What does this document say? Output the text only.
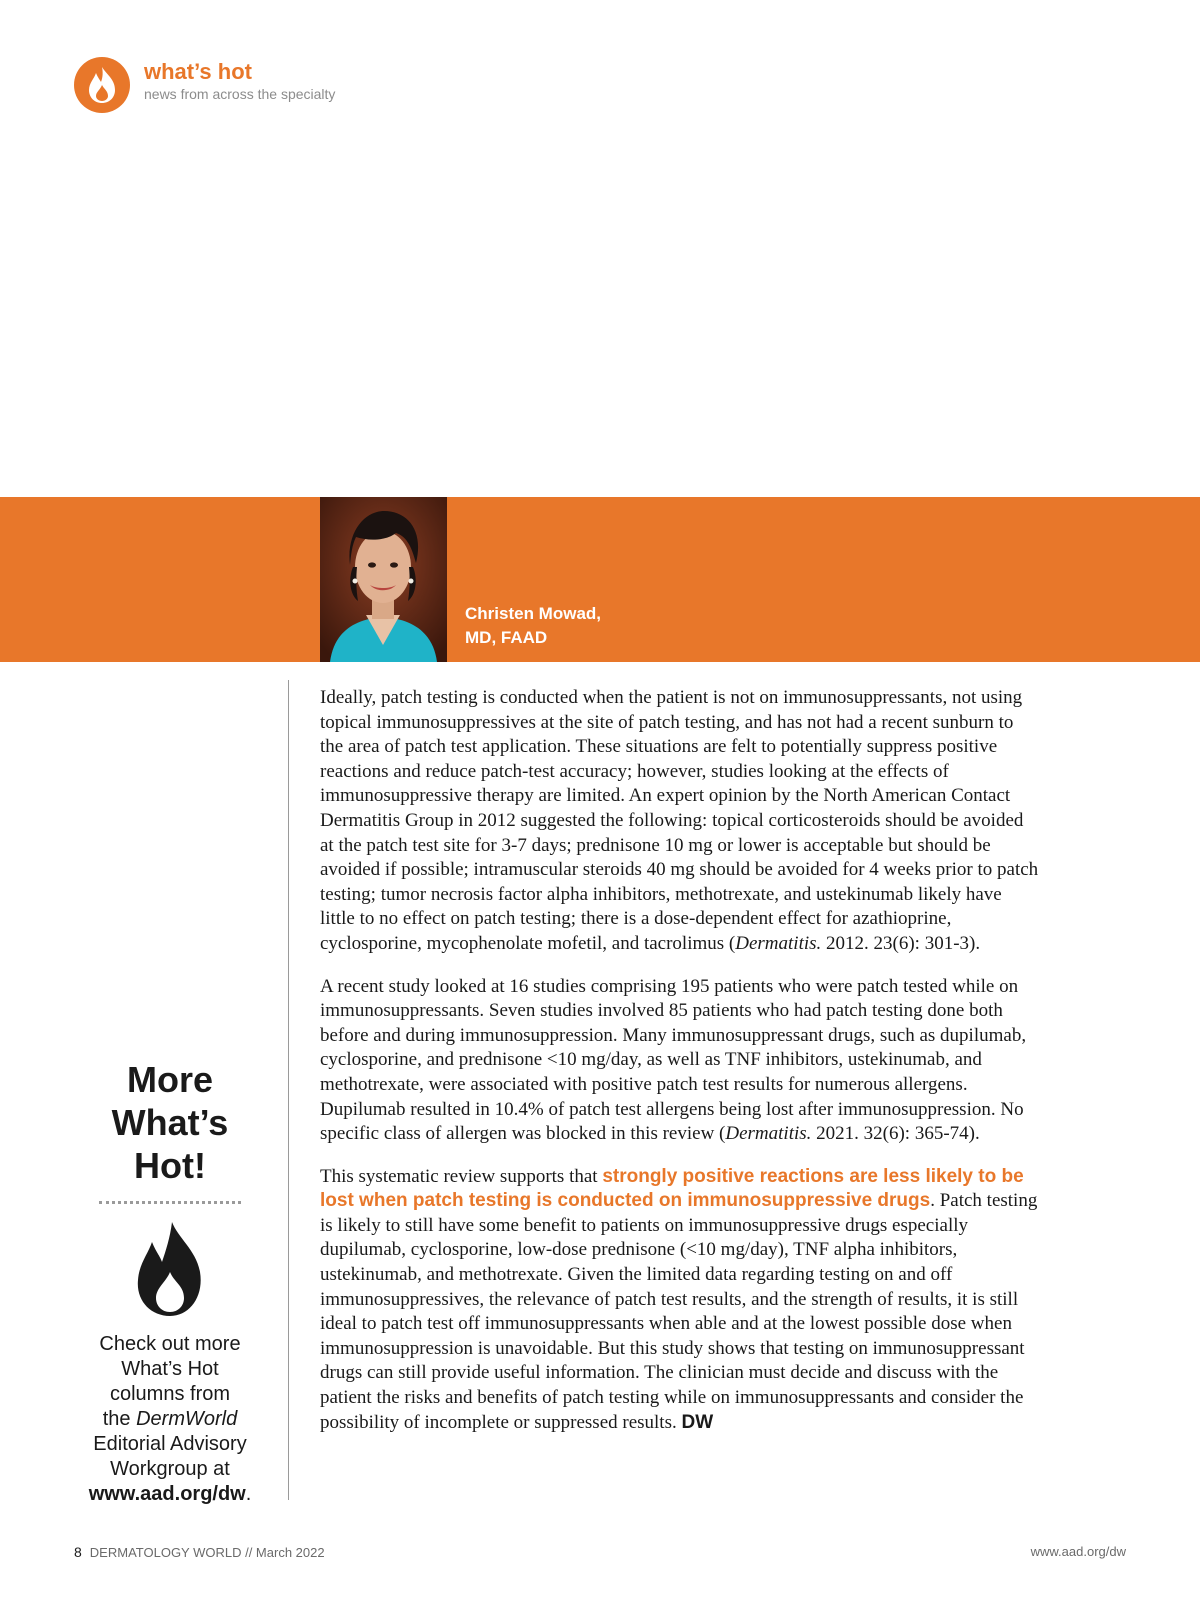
what’s hot
news from across the specialty
Christen Mowad,
MD, FAAD
More
What’s
Hot!
Check out more
What’s Hot
columns from
the DermWorld
Editorial Advisory
Workgroup at
www.aad.org/dw.

Ideally, patch testing is conducted when the patient is not on immunosuppressants, not using topical immunosuppressives at the site of patch testing, and has not had a recent sunburn to the area of patch test application. These situations are felt to potentially suppress positive reactions and reduce patch-test accuracy; however, studies looking at the effects of immunosuppressive therapy are limited. An expert opinion by the North American Contact Dermatitis Group in 2012 suggested the following: topical corticosteroids should be avoided at the patch test site for 3-7 days; prednisone 10 mg or lower is acceptable but should be avoided if possible; intramuscular steroids 40 mg should be avoided for 4 weeks prior to patch testing; tumor necrosis factor alpha inhibitors, methotrexate, and ustekinumab likely have little to no effect on patch testing; there is a dose-dependent effect for azathioprine, cyclosporine, mycophenolate mofetil, and tacrolimus (Dermatitis. 2012. 23(6): 301-3).

A recent study looked at 16 studies comprising 195 patients who were patch tested while on immunosuppressants. Seven studies involved 85 patients who had patch testing done both before and during immunosuppression. Many immunosuppressant drugs, such as dupilumab, cyclosporine, and prednisone <10 mg/day, as well as TNF inhibitors, ustekinumab, and methotrexate, were associated with positive patch test results for numerous allergens. Dupilumab resulted in 10.4% of patch test allergens being lost after immunosuppression. No specific class of allergen was blocked in this review (Dermatitis. 2021. 32(6): 365-74).

This systematic review supports that strongly positive reactions are less likely to be lost when patch testing is conducted on immunosuppressive drugs. Patch testing is likely to still have some benefit to patients on immunosuppressive drugs especially dupilumab, cyclosporine, low-dose prednisone (<10 mg/day), TNF alpha inhibitors, ustekinumab, and methotrexate. Given the limited data regarding testing on and off immunosuppressives, the relevance of patch test results, and the strength of results, it is still ideal to patch test off immunosuppressants when able and at the lowest possible dose when immunosuppression is unavoidable. But this study shows that testing on immunosuppressant drugs can still provide useful information. The clinician must decide and discuss with the patient the risks and benefits of patch testing while on immunosuppressants and consider the possibility of incomplete or suppressed results. DW

8 DERMATOLOGY WORLD // March 2022	www.aad.org/dw
